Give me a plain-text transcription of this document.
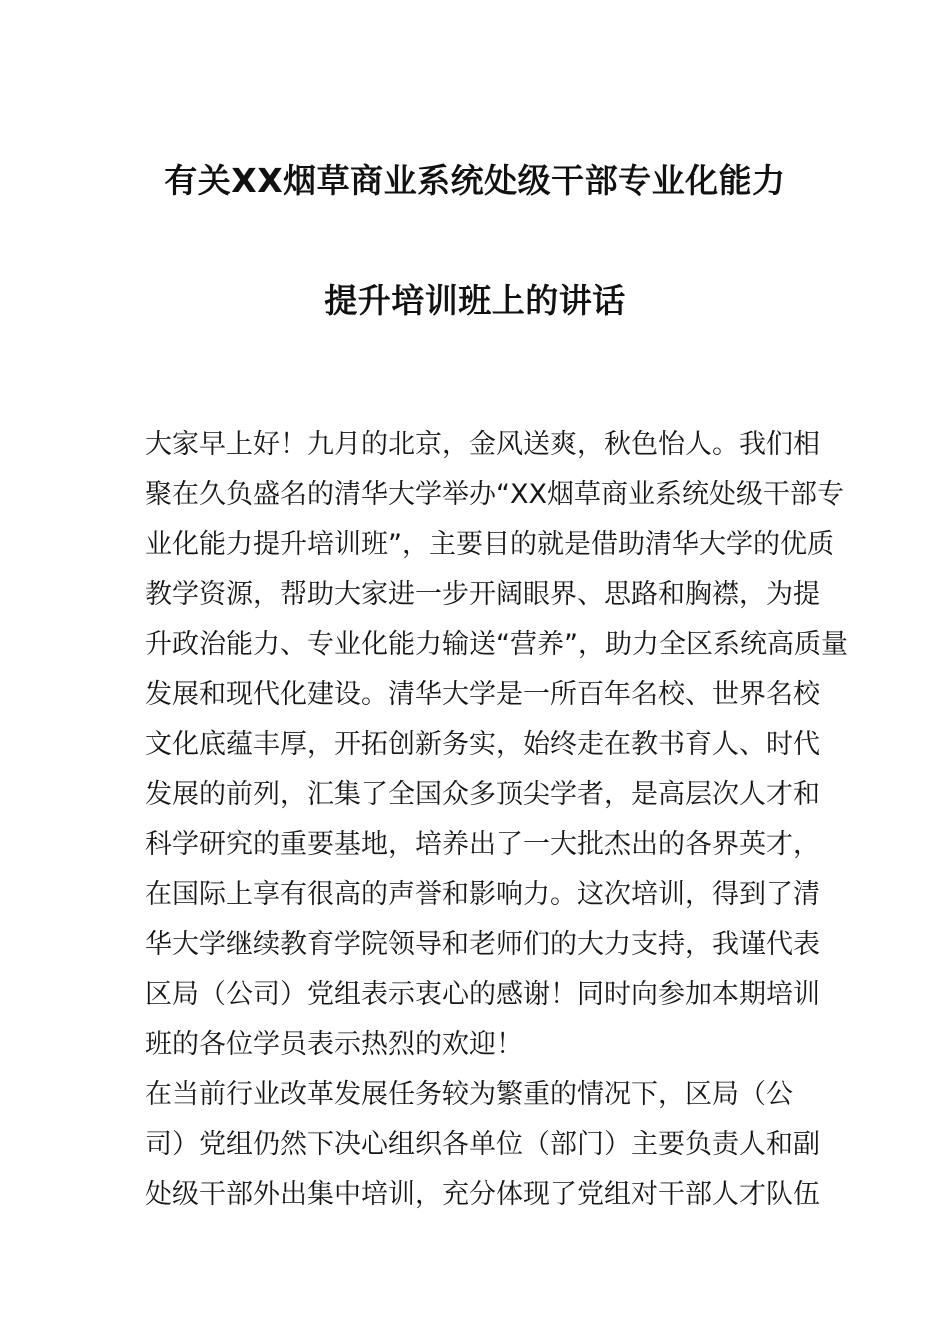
有关XX烟草商业系统处级干部专业化能力
提升培训班上的讲话
大家早上好！九月的北京，金风送爽，秋色怡人。我们相
聚在久负盛名的清华大学举办“XX烟草商业系统处级干部专
业化能力提升培训班”，主要目的就是借助清华大学的优质
教学资源，帮助大家进一步开阔眼界、思路和胸襟，为提
升政治能力、专业化能力输送“营养”，助力全区系统高质量
发展和现代化建设。清华大学是一所百年名校、世界名校
文化底蕴丰厚，开拓创新务实，始终走在教书育人、时代
发展的前列，汇集了全国众多顶尖学者，是高层次人才和
科学研究的重要基地，培养出了一大批杰出的各界英才，
在国际上享有很高的声誉和影响力。这次培训，得到了清
华大学继续教育学院领导和老师们的大力支持，我谨代表
区局（公司）党组表示衷心的感谢！同时向参加本期培训
班的各位学员表示热烈的欢迎！
在当前行业改革发展任务较为繁重的情况下，区局（公
司）党组仍然下决心组织各单位（部门）主要负责人和副
处级干部外出集中培训，充分体现了党组对干部人才队伍
